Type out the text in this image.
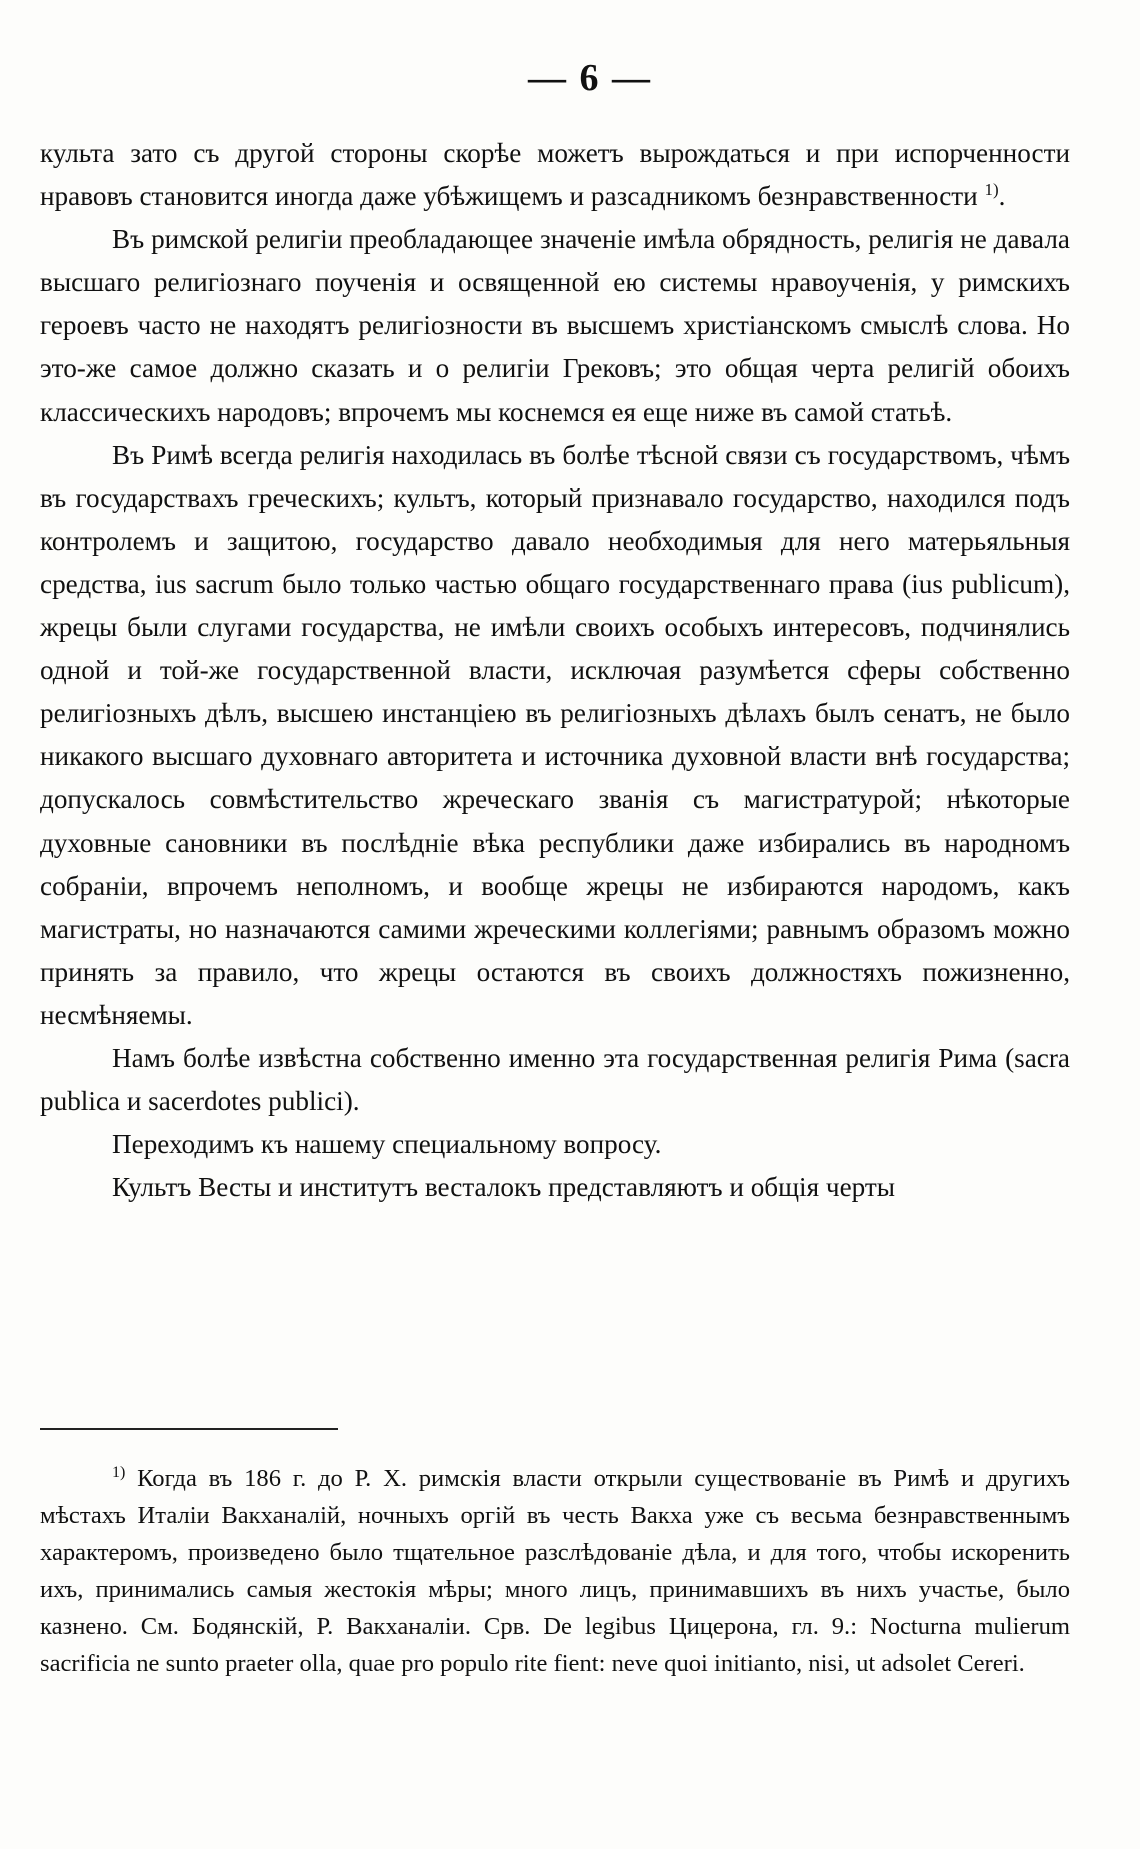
— 6 —

культа зато съ другой стороны скорѣе можетъ вырождаться и при испорченности нравовъ становится иногда даже убѣжищемъ и разсадникомъ безнравственности $^{1)}$.

Въ римской религіи преобладающее значеніе имѣла обрядность, религія не давала высшаго религіознаго поученія и освященной ею системы нравоученія, у римскихъ героевъ часто не находятъ религіозности въ высшемъ христіанскомъ смыслѣ слова. Но это-же самое должно сказать и о религіи Грековъ; это общая черта религій обоихъ классическихъ народовъ; впрочемъ мы коснемся ея еще ниже въ самой статьѣ.

Въ Римѣ всегда религія находилась въ болѣе тѣсной связи съ государствомъ, чѣмъ въ государствахъ греческихъ; культъ, который признавало государство, находился подъ контролемъ и защитою, государство давало необходимыя для него матерьяльныя средства, ius sacrum было только частью общаго государственнаго права (ius publicum), жрецы были слугами государства, не имѣли своихъ особыхъ интересовъ, подчинялись одной и той-же государственной власти, исключая разумѣется сферы собственно религіозныхъ дѣлъ, высшею инстанціею въ религіозныхъ дѣлахъ былъ сенатъ, не было никакого высшаго духовнаго авторитета и источника духовной власти внѣ государства; допускалось совмѣстительство жреческаго званія съ магистратурой; нѣкоторые духовные сановники въ послѣдніе вѣка республики даже избирались въ народномъ собраніи, впрочемъ неполномъ, и вообще жрецы не избираются народомъ, какъ магистраты, но назначаются самими жреческими коллегіями; равнымъ образомъ можно принять за правило, что жрецы остаются въ своихъ должностяхъ пожизненно, несмѣняемы.

Намъ болѣе извѣстна собственно именно эта государственная религія Рима (sacra publica и sacerdotes publici).

Переходимъ къ нашему специальному вопросу.

Культъ Весты и институтъ весталокъ представляютъ и общія черты

$^{1)}$ Когда въ 186 г. до Р. Х. римскія власти открыли существованіе въ Римѣ и другихъ мѣстахъ Италіи Вакханалій, ночныхъ оргій въ честь Вакха уже съ весьма безнравственнымъ характеромъ, произведено было тщательное разслѣдованіе дѣла, и для того, чтобы искоренить ихъ, принимались самыя жестокія мѣры; много лицъ, принимавшихъ въ нихъ участье, было казнено. См. Бодянскій, Р. Вакханаліи. Срв. De legibus Цицерона, гл. 9.: Nocturna mulierum sacrificia ne sunto praeter olla, quae pro populo rite fient: neve quoi initianto, nisi, ut adsolet Cereri.
